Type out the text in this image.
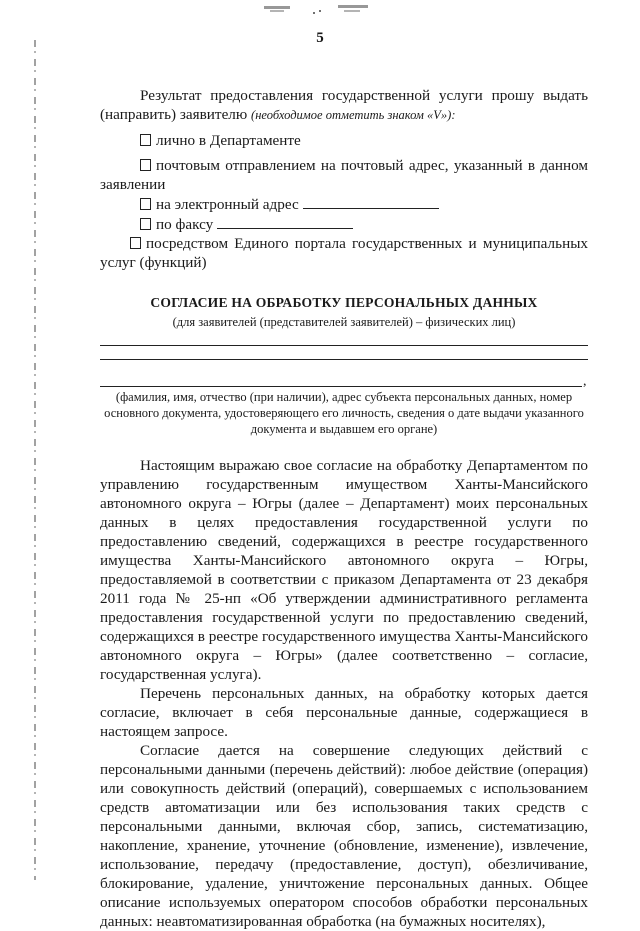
5

Результат предоставления государственной услуги прошу выдать (направить) заявителю (необходимое отметить знаком «V»):

лично в Департаменте

почтовым отправлением на почтовый адрес, указанный в данном заявлении

на электронный адрес

по факсу

посредством Единого портала государственных и муниципальных услуг (функций)

СОГЛАСИЕ НА ОБРАБОТКУ ПЕРСОНАЛЬНЫХ ДАННЫХ
(для заявителей (представителей заявителей) – физических лиц)
,
(фамилия, имя, отчество (при наличии), адрес субъекта персональных данных, номер основного документа, удостоверяющего его личность, сведения о дате выдачи указанного документа и выдавшем его органе)

Настоящим выражаю свое согласие на обработку Департаментом по управлению государственным имуществом Ханты-Мансийского автономного округа – Югры (далее – Департамент) моих персональных данных в целях предоставления государственной услуги по предоставлению сведений, содержащихся в реестре государственного имущества Ханты-Мансийского автономного округа – Югры, предоставляемой в соответствии с приказом Департамента от 23 декабря 2011 года № 25-нп «Об утверждении административного регламента предоставления государственной услуги по предоставлению сведений, содержащихся в реестре государственного имущества Ханты-Мансийского автономного округа – Югры» (далее соответственно – согласие, государственная услуга).

Перечень персональных данных, на обработку которых дается согласие, включает в себя персональные данные, содержащиеся в настоящем запросе.

Согласие дается на совершение следующих действий с персональными данными (перечень действий): любое действие (операция) или совокупность действий (операций), совершаемых с использованием средств автоматизации или без использования таких средств с персональными данными, включая сбор, запись, систематизацию, накопление, хранение, уточнение (обновление, изменение), извлечение, использование, передачу (предоставление, доступ), обезличивание, блокирование, удаление, уничтожение персональных данных. Общее описание используемых оператором способов обработки персональных данных: неавтоматизированная обработка (на бумажных носителях),
